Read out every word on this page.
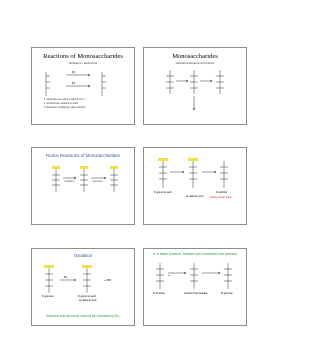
Reactions of Monosaccharides
Oxidation - Reduction
[O]
[H]
1. Aldehydes are easily oxidized (Cu²⁺)
2. Alcohols are oxidized to acids
3. Reduction of aldehyde gives alcohol
Monosaccharides
Oxidation-Reduction Products
Redox Reactions of Monosaccharides
oxidation	reduction
D-gluconic acid	D-sorbitol
an aldonic acid	Heavy-sweet taste
Oxidation
Br₂
+ 2Br⁻
D-glucose	D-gluconic acid
an aldonic acid
Ketoses and alcohols cannot be oxidized by Br₂
In a basic solution, ketoses are converted into aldoses
D-fructose	enediol intermediate	D-glucose
